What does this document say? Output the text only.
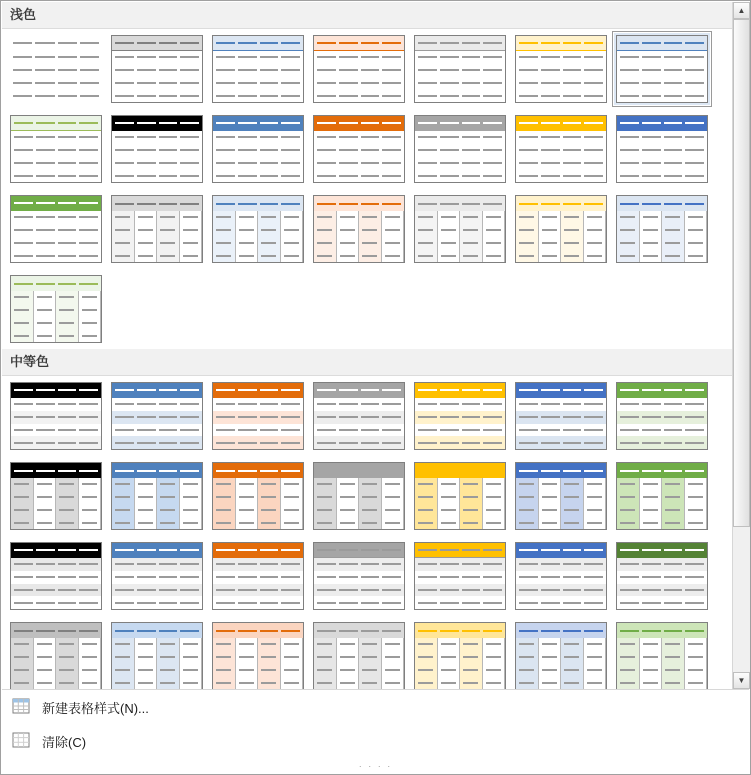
浅色
中等色
▲
▼
新建表格样式(N)...
清除(C)
· · · ·
